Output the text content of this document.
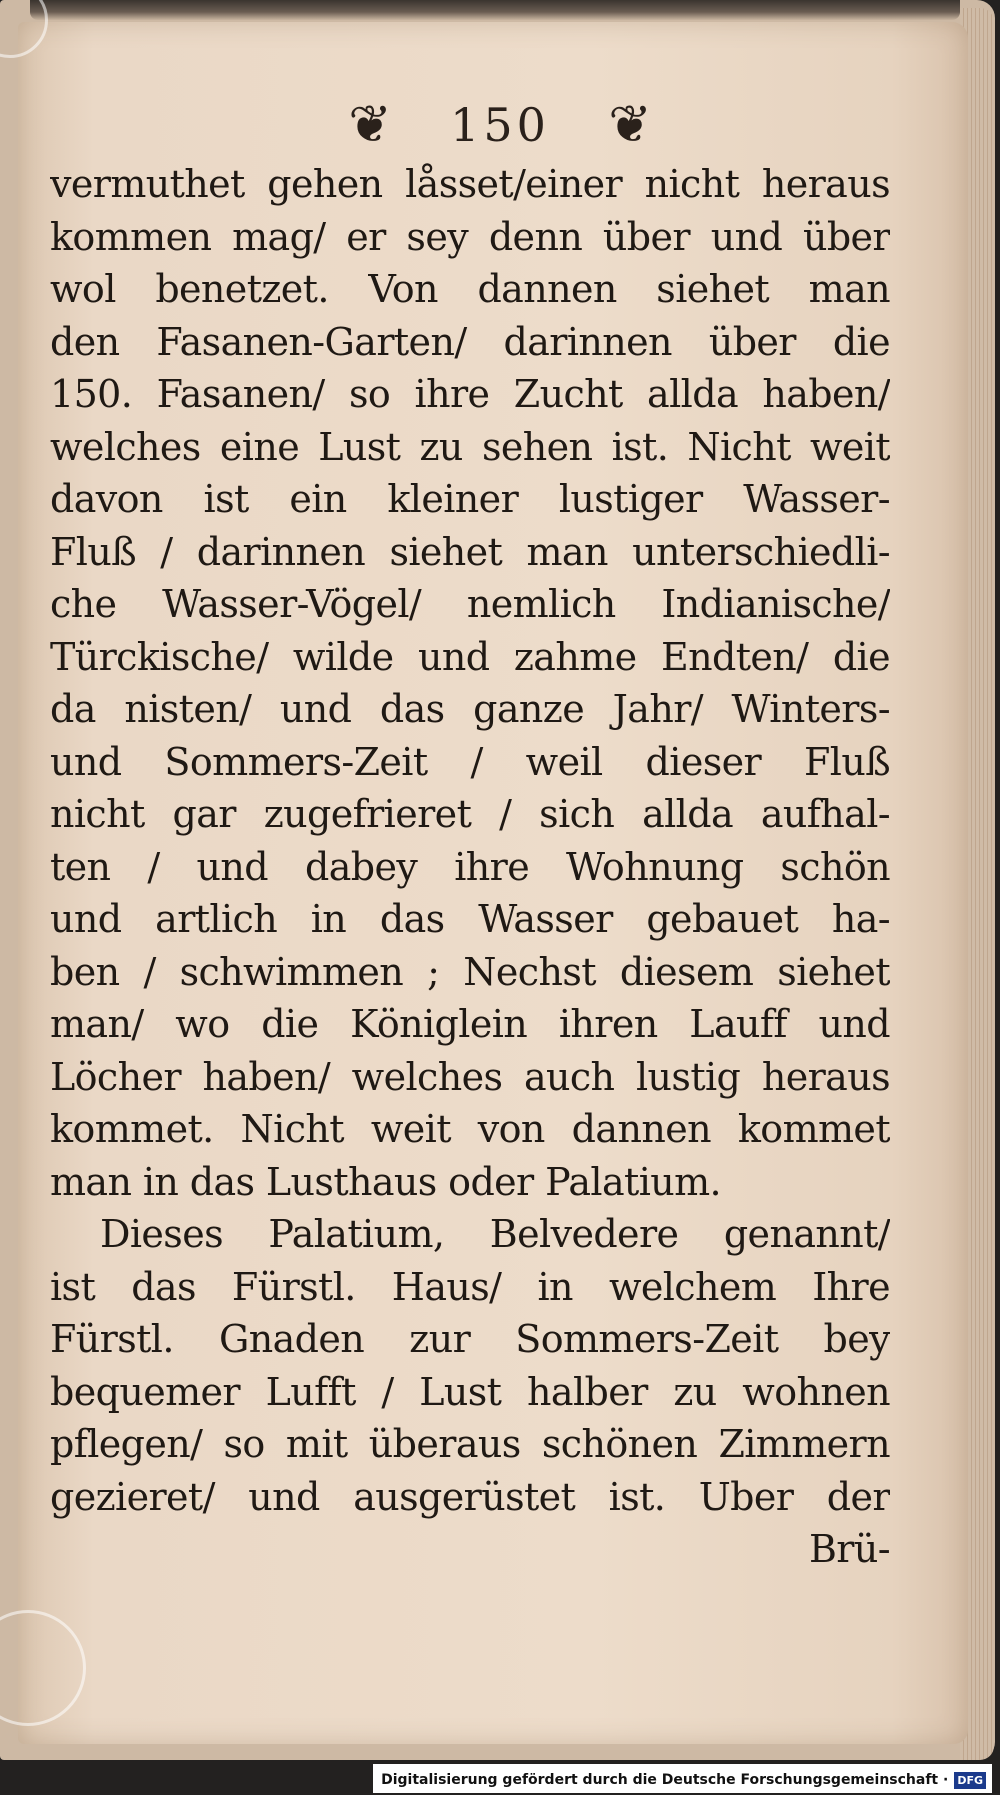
❦ 150 ❦
vermuthet gehen låsset/einer nicht heraus
kommen mag/ er sey denn über und über
wol benetzet. Von dannen siehet man
den Fasanen-Garten/ darinnen über die
150. Fasanen/ so ihre Zucht allda haben/
welches eine Lust zu sehen ist. Nicht weit
davon ist ein kleiner lustiger Wasser-
Fluß / darinnen siehet man unterschiedli-
che Wasser-Vögel/ nemlich Indianische/
Türckische/ wilde und zahme Endten/ die
da nisten/ und das ganze Jahr/ Winters-
und Sommers-Zeit / weil dieser Fluß
nicht gar zugefrieret / sich allda aufhal-
ten / und dabey ihre Wohnung schön
und artlich in das Wasser gebauet ha-
ben / schwimmen ; Nechst diesem siehet
man/ wo die Königlein ihren Lauff und
Löcher haben/ welches auch lustig heraus
kommet. Nicht weit von dannen kommet
man in das Lusthaus oder Palatium.
Dieses Palatium, Belvedere genannt/
ist das Fürstl. Haus/ in welchem Ihre
Fürstl. Gnaden zur Sommers-Zeit bey
bequemer Lufft / Lust halber zu wohnen
pflegen/ so mit überaus schönen Zimmern
gezieret/ und ausgerüstet ist. Uber der
Brü-
Digitalisierung gefördert durch die Deutsche Forschungsgemeinschaft · DFG
